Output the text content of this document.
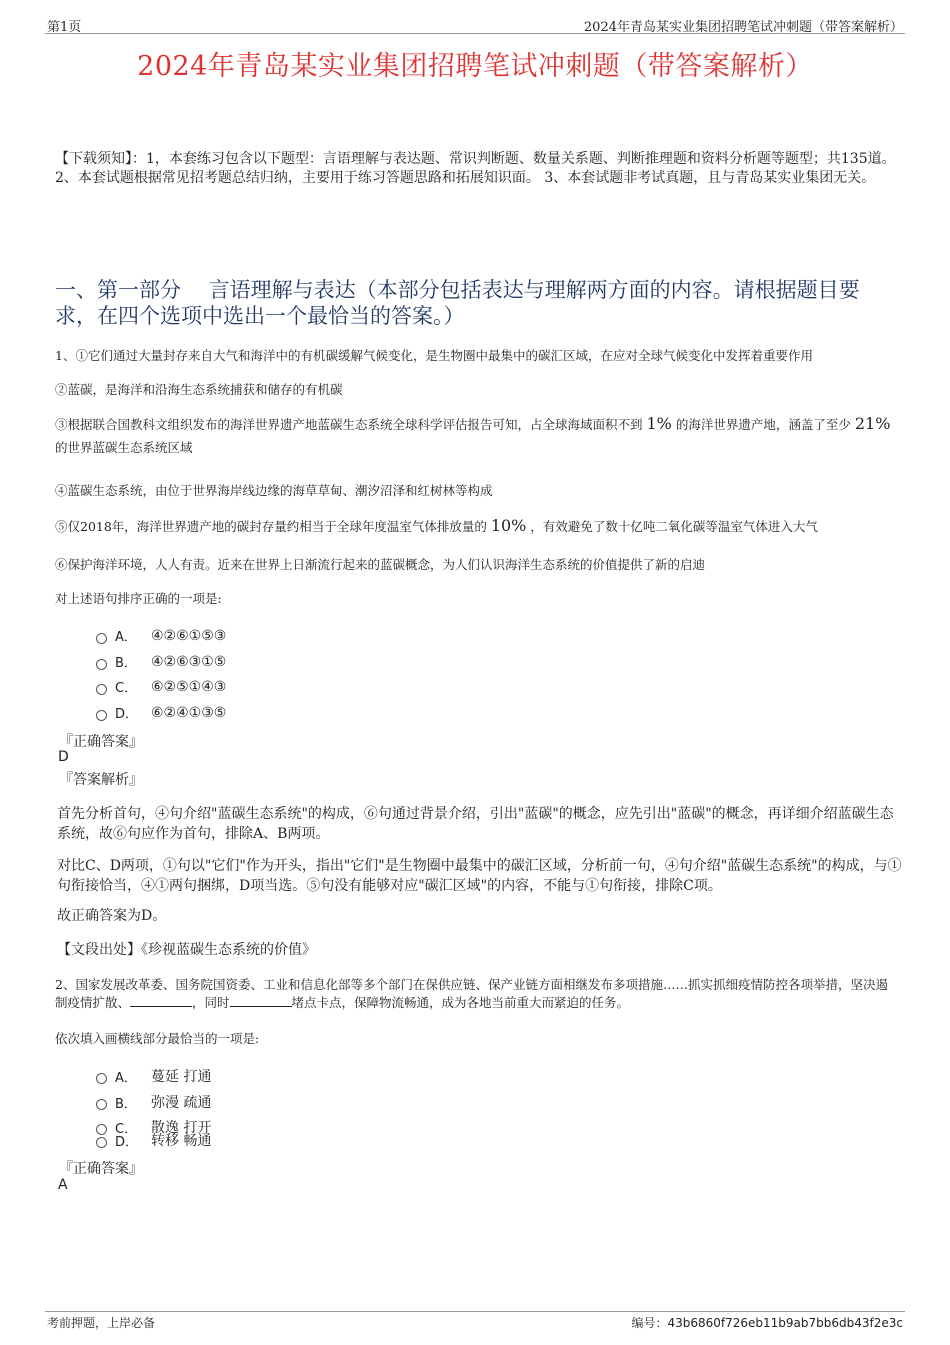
第1页	2024年青岛某实业集团招聘笔试冲刺题（带答案解析）
2024年青岛某实业集团招聘笔试冲刺题（带答案解析）
【下载须知】：1，本套练习包含以下题型：言语理解与表达题、常识判断题、数量关系题、判断推理题和资料分析题等题型；共135道。 2、本套试题根据常见招考题总结归纳，主要用于练习答题思路和拓展知识面。 3、本套试题非考试真题，且与青岛某实业集团无关。
一、第一部分　 言语理解与表达（本部分包括表达与理解两方面的内容。请根据题目要求，在四个选项中选出一个最恰当的答案。）
1、①它们通过大量封存来自大气和海洋中的有机碳缓解气候变化，是生物圈中最集中的碳汇区域，在应对全球气候变化中发挥着重要作用
②蓝碳，是海洋和沿海生态系统捕获和储存的有机碳
③根据联合国教科文组织发布的海洋世界遗产地蓝碳生态系统全球科学评估报告可知，占全球海域面积不到 1% 的海洋世界遗产地，涵盖了至少 21% 的世界蓝碳生态系统区域
④蓝碳生态系统，由位于世界海岸线边缘的海草草甸、潮汐沼泽和红树林等构成
⑤仅2018年，海洋世界遗产地的碳封存量约相当于全球年度温室气体排放量的 10% ，有效避免了数十亿吨二氧化碳等温室气体进入大气
⑥保护海洋环境，人人有责。近来在世界上日渐流行起来的蓝碳概念，为人们认识海洋生态系统的价值提供了新的启迪
对上述语句排序正确的一项是:
A．	④②⑥①⑤③
B．	④②⑥③①⑤
C． ⑥②⑤①④③
D． ⑥②④①③⑤
『正确答案』
D
『答案解析』
首先分析首句，④句介绍"蓝碳生态系统"的构成，⑥句通过背景介绍，引出"蓝碳"的概念，应先引出"蓝碳"的概念，再详细介绍蓝碳生态系统，故⑥句应作为首句，排除A、B两项。
对比C、D两项，①句以"它们"作为开头，指出"它们"是生物圈中最集中的碳汇区域，分析前一句，④句介绍"蓝碳生态系统"的构成，与①句衔接恰当，④①两句捆绑，D项当选。⑤句没有能够对应"碳汇区域"的内容，不能与①句衔接，排除C项。
故正确答案为D。
【文段出处】《珍视蓝碳生态系统的价值》
2、国家发展改革委、国务院国资委、工业和信息化部等多个部门在保供应链、保产业链方面相继发布多项措施……抓实抓细疫情防控各项举措，坚决遏制疫情扩散、	，同时	堵点卡点，保障物流畅通，成为各地当前重大而紧迫的任务。
依次填入画横线部分最恰当的一项是:
A．	蔓延 打通
B．	弥漫 疏通
C． 散逸 打开
D． 转移 畅通
『正确答案』
A
考前押题，上岸必备	编号：43b6860f726eb11b9ab7bb6db43f2e3c
